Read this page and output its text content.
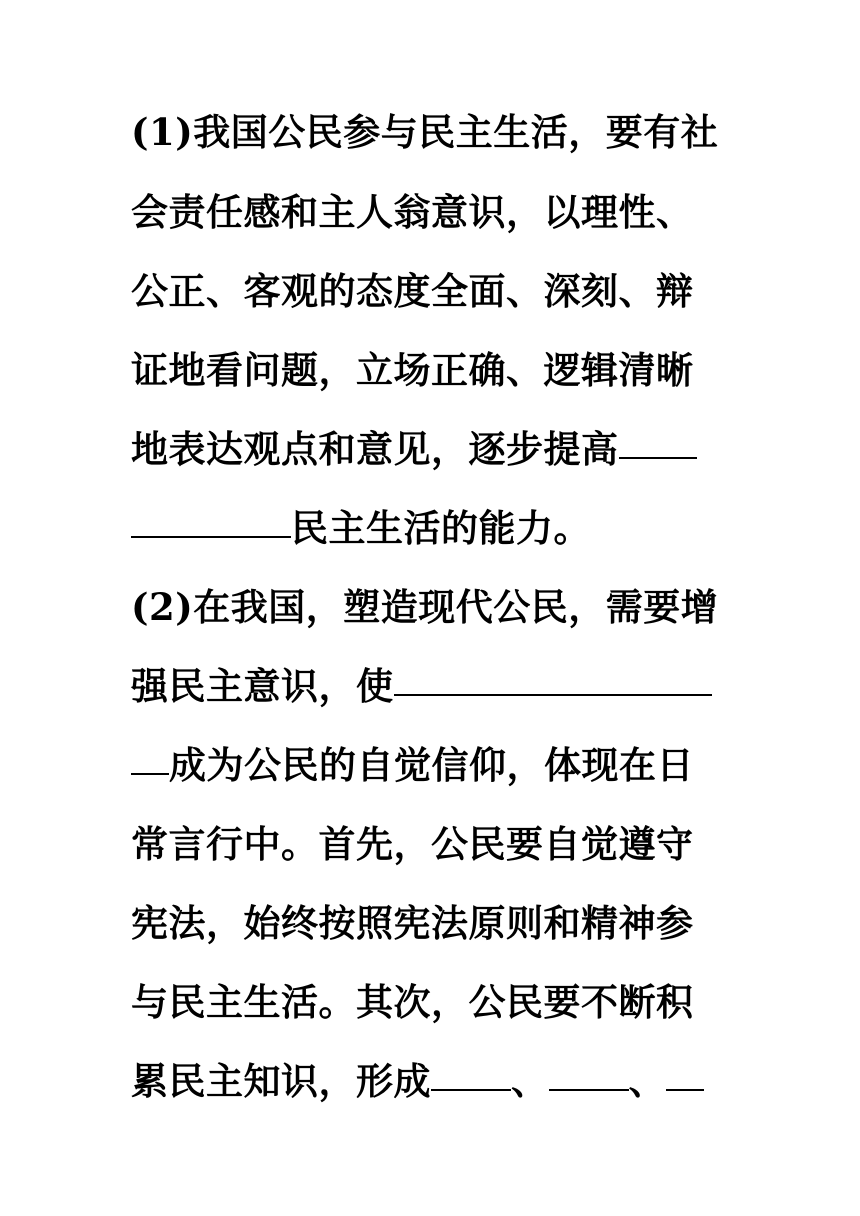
(1)我国公民参与民主生活，要有社
会责任感和主人翁意识，以理性、
公正、客观的态度全面、深刻、辩
证地看问题，立场正确、逻辑清晰
地表达观点和意见，逐步提高
民主生活的能力。
(2)在我国，塑造现代公民，需要增
强民主意识，使
成为公民的自觉信仰，体现在日
常言行中。首先，公民要自觉遵守
宪法，始终按照宪法原则和精神参
与民主生活。其次，公民要不断积
累民主知识，形成 、 、
